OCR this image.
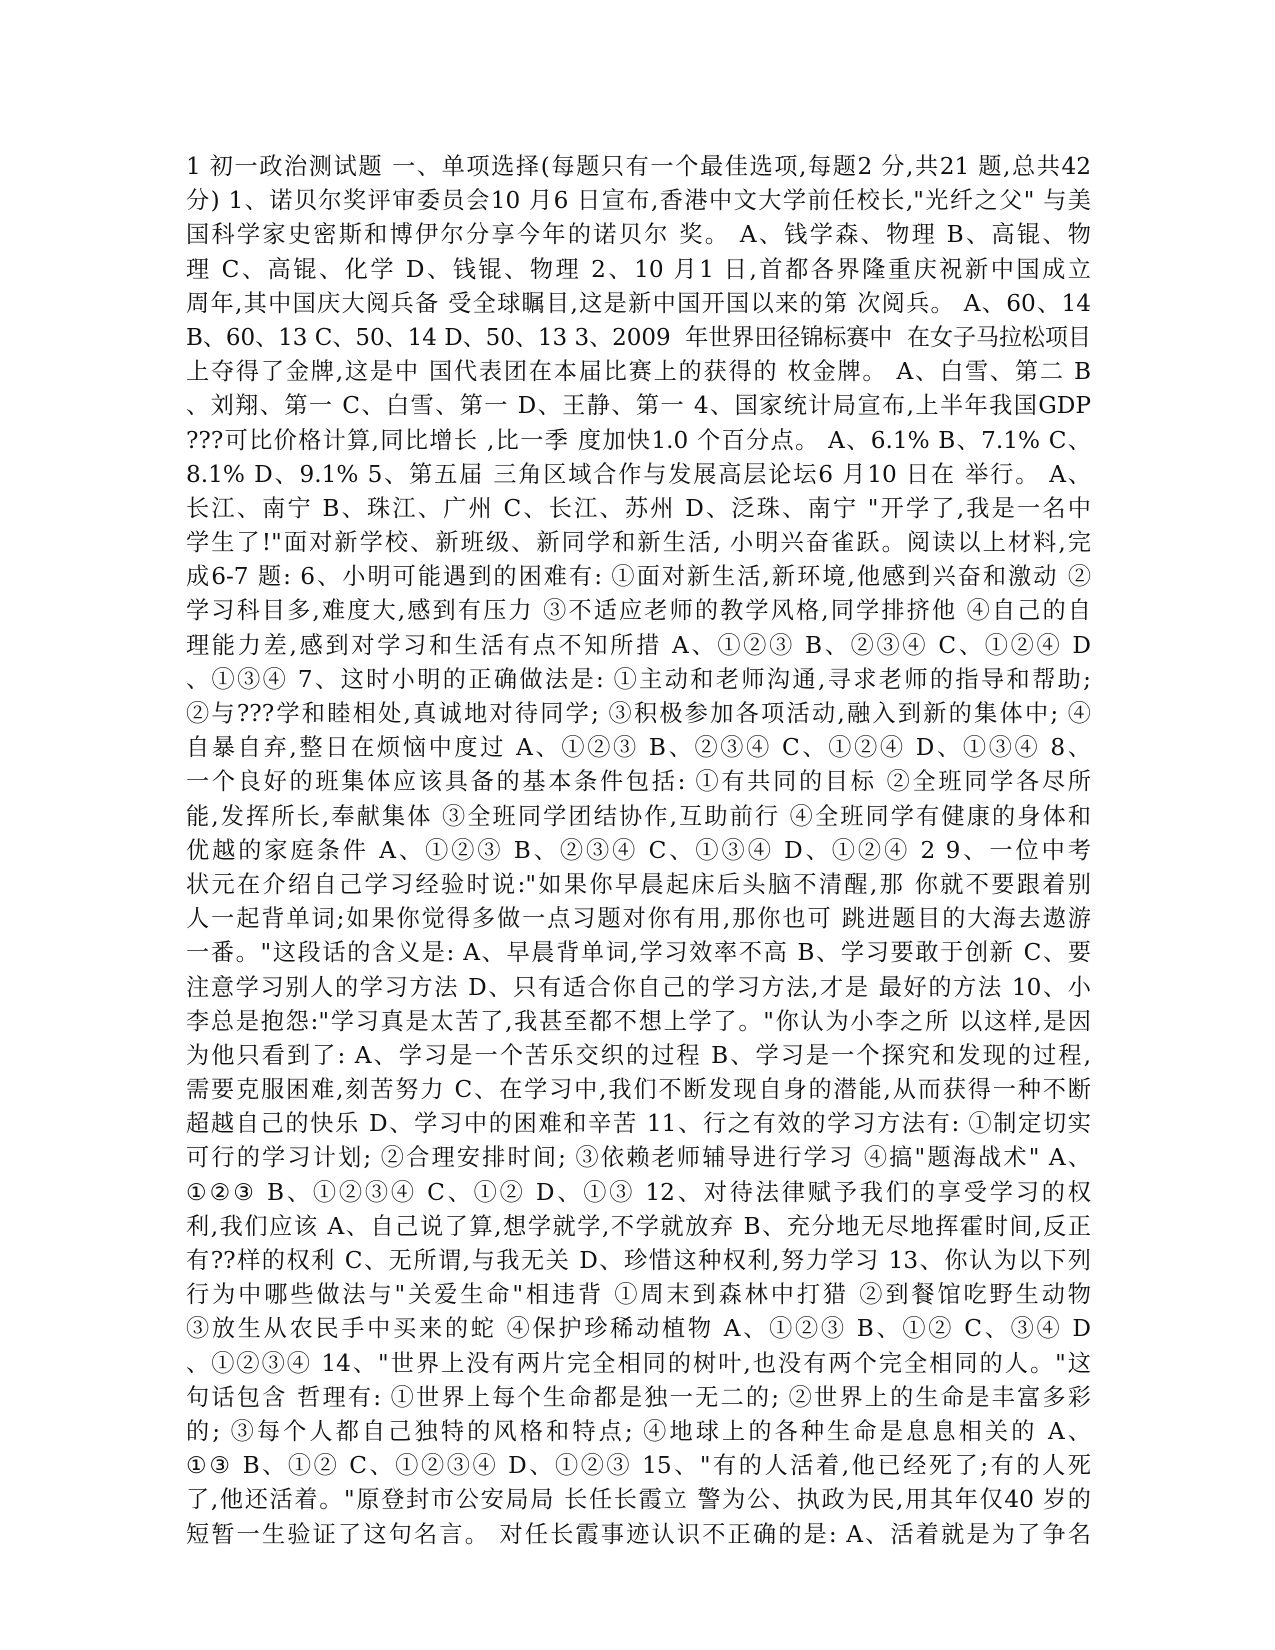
1 初一政治测试题 一、单项选择(每题只有一个最佳选项,每题2 分,共21 题,总共42
分) 1、诺贝尔奖评审委员会10 月6 日宣布,香港中文大学前任校长,"光纤之父" 与美
国科学家史密斯和博伊尔分享今年的诺贝尔 奖。 A、钱学森、物理 B、高锟、物
理 C、高锟、化学 D、钱锟、物理 2、10 月1 日,首都各界隆重庆祝新中国成立
周年,其中国庆大阅兵备 受全球瞩目,这是新中国开国以来的第 次阅兵。 A、60、14
B、60、13 C、50、14 D、50、13 3、2009  年世界田径锦标赛中  在女子马拉松项目
上夺得了金牌,这是中 国代表团在本届比赛上的获得的 枚金牌。 A、白雪、第二 B
、刘翔、第一 C、白雪、第一 D、王静、第一 4、国家统计局宣布,上半年我国GDP
???可比价格计算,同比增长 ,比一季 度加快1.0 个百分点。 A、6.1% B、7.1% C、
8.1% D、9.1% 5、第五届 三角区域合作与发展高层论坛6 月10 日在 举行。 A、
长江、南宁 B、珠江、广州 C、长江、苏州 D、泛珠、南宁 "开学了,我是一名中
学生了!"面对新学校、新班级、新同学和新生活, 小明兴奋雀跃。阅读以上材料,完
成6-7 题: 6、小明可能遇到的困难有: ①面对新生活,新环境,他感到兴奋和激动 ②
学习科目多,难度大,感到有压力 ③不适应老师的教学风格,同学排挤他 ④自己的自
理能力差,感到对学习和生活有点不知所措 A、①②③ B、②③④ C、①②④ D
、①③④ 7、这时小明的正确做法是: ①主动和老师沟通,寻求老师的指导和帮助;
②与???学和睦相处,真诚地对待同学; ③积极参加各项活动,融入到新的集体中; ④
自暴自弃,整日在烦恼中度过 A、①②③ B、②③④ C、①②④ D、①③④ 8、
一个良好的班集体应该具备的基本条件包括: ①有共同的目标 ②全班同学各尽所
能,发挥所长,奉献集体 ③全班同学团结协作,互助前行 ④全班同学有健康的身体和
优越的家庭条件 A、①②③ B、②③④ C、①③④ D、①②④ 2 9、一位中考
状元在介绍自己学习经验时说:"如果你早晨起床后头脑不清醒,那 你就不要跟着别
人一起背单词;如果你觉得多做一点习题对你有用,那你也可 跳进题目的大海去遨游
一番。"这段话的含义是: A、早晨背单词,学习效率不高 B、学习要敢于创新 C、要
注意学习别人的学习方法 D、只有适合你自己的学习方法,才是 最好的方法 10、小
李总是抱怨:"学习真是太苦了,我甚至都不想上学了。"你认为小李之所 以这样,是因
为他只看到了: A、学习是一个苦乐交织的过程 B、学习是一个探究和发现的过程,
需要克服困难,刻苦努力 C、在学习中,我们不断发现自身的潜能,从而获得一种不断
超越自己的快乐 D、学习中的困难和辛苦 11、行之有效的学习方法有: ①制定切实
可行的学习计划; ②合理安排时间; ③依赖老师辅导进行学习 ④搞"题海战术" A、
①②③ B、①②③④ C、①② D、①③ 12、对待法律赋予我们的享受学习的权
利,我们应该 A、自己说了算,想学就学,不学就放弃 B、充分地无尽地挥霍时间,反正
有??样的权利 C、无所谓,与我无关 D、珍惜这种权利,努力学习 13、你认为以下列
行为中哪些做法与"关爱生命"相违背 ①周末到森林中打猎 ②到餐馆吃野生动物
③放生从农民手中买来的蛇 ④保护珍稀动植物 A、①②③ B、①② C、③④ D
、①②③④ 14、"世界上没有两片完全相同的树叶,也没有两个完全相同的人。"这
句话包含 哲理有: ①世界上每个生命都是独一无二的; ②世界上的生命是丰富多彩
的; ③每个人都自己独特的风格和特点; ④地球上的各种生命是息息相关的 A、
①③ B、①② C、①②③④ D、①②③ 15、"有的人活着,他已经死了;有的人死
了,他还活着。"原登封市公安局局 长任长霞立 警为公、执政为民,用其年仅40 岁的
短暂一生验证了这句名言。 对任长霞事迹认识不正确的是: A、活着就是为了争名
